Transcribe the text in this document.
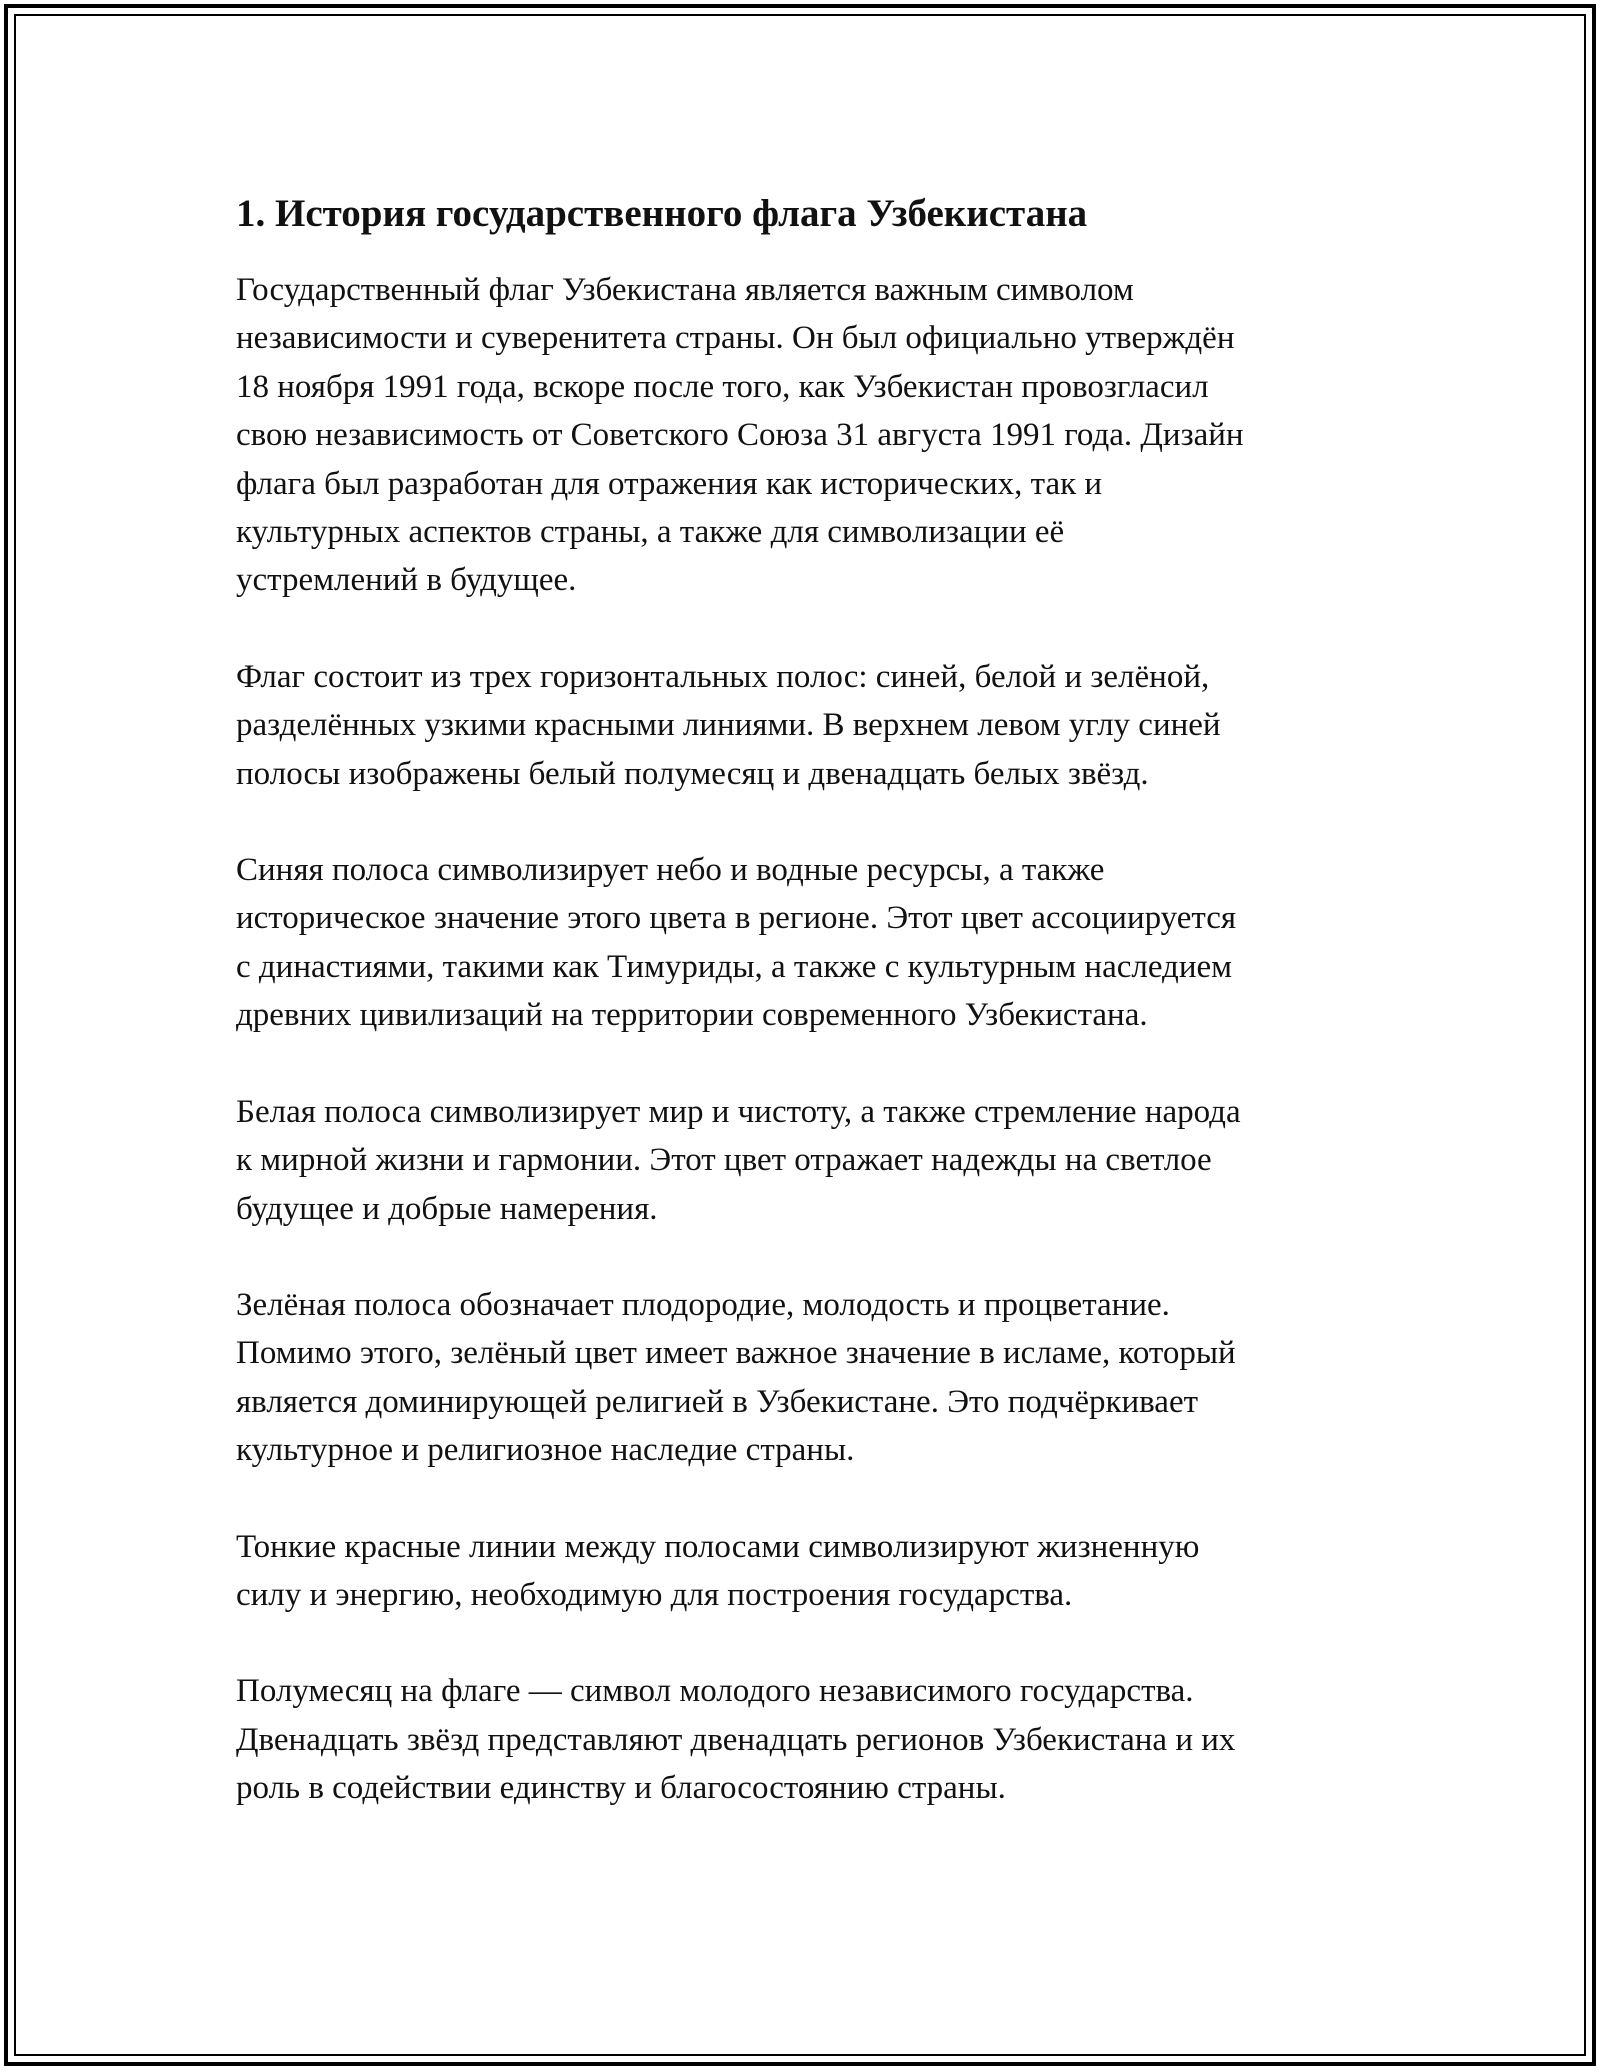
1. История государственного флага Узбекистана

Государственный флаг Узбекистана является важным символом
независимости и суверенитета страны. Он был официально утверждён
18 ноября 1991 года, вскоре после того, как Узбекистан провозгласил
свою независимость от Советского Союза 31 августа 1991 года. Дизайн
флага был разработан для отражения как исторических, так и
культурных аспектов страны, а также для символизации её
устремлений в будущее.

Флаг состоит из трех горизонтальных полос: синей, белой и зелёной,
разделённых узкими красными линиями. В верхнем левом углу синей
полосы изображены белый полумесяц и двенадцать белых звёзд.

Синяя полоса символизирует небо и водные ресурсы, а также
историческое значение этого цвета в регионе. Этот цвет ассоциируется
с династиями, такими как Тимуриды, а также с культурным наследием
древних цивилизаций на территории современного Узбекистана.

Белая полоса символизирует мир и чистоту, а также стремление народа
к мирной жизни и гармонии. Этот цвет отражает надежды на светлое
будущее и добрые намерения.

Зелёная полоса обозначает плодородие, молодость и процветание.
Помимо этого, зелёный цвет имеет важное значение в исламе, который
является доминирующей религией в Узбекистане. Это подчёркивает
культурное и религиозное наследие страны.

Тонкие красные линии между полосами символизируют жизненную
силу и энергию, необходимую для построения государства.

Полумесяц на флаге — символ молодого независимого государства.
Двенадцать звёзд представляют двенадцать регионов Узбекистана и их
роль в содействии единству и благосостоянию страны.
